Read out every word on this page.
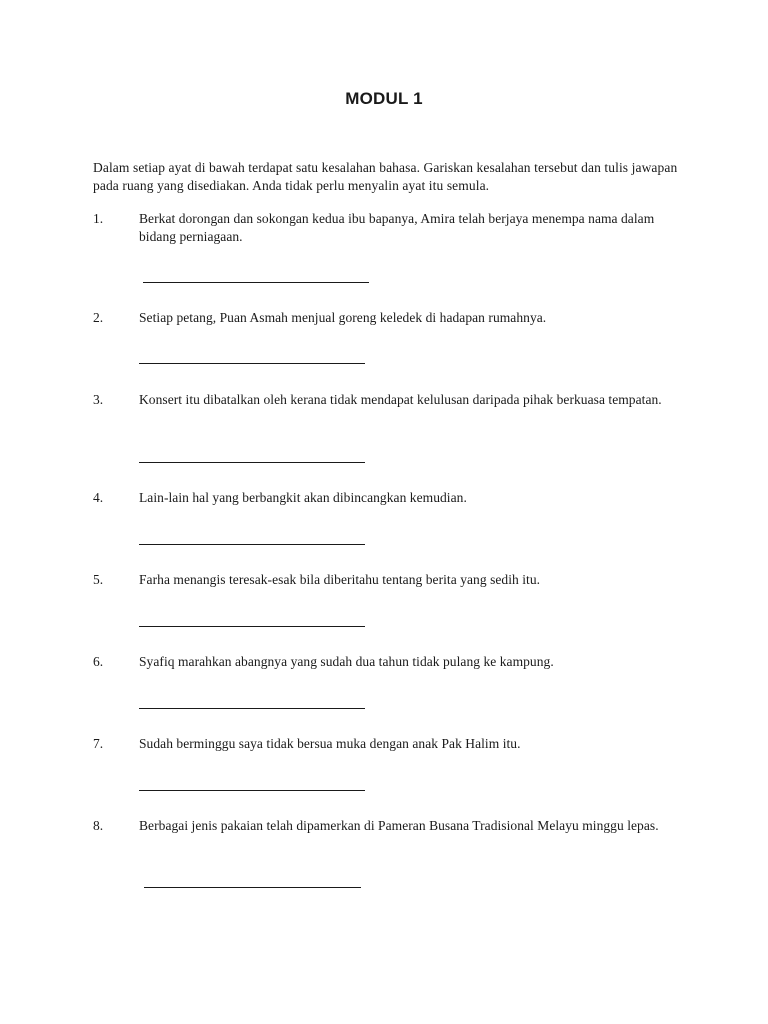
MODUL 1
Dalam setiap ayat di bawah terdapat satu kesalahan bahasa. Gariskan kesalahan tersebut dan tulis jawapan pada ruang yang disediakan. Anda tidak perlu menyalin ayat itu semula.
1.	Berkat dorongan dan sokongan kedua ibu bapanya, Amira telah berjaya menempa nama dalam bidang perniagaan.
2.	Setiap petang, Puan Asmah menjual goreng keledek di hadapan rumahnya.
3.	Konsert itu dibatalkan oleh kerana tidak mendapat kelulusan daripada pihak berkuasa tempatan.
4.	Lain-lain hal yang berbangkit akan dibincangkan kemudian.
5.	Farha menangis teresak-esak bila diberitahu tentang berita yang sedih itu.
6.	Syafiq marahkan abangnya yang sudah dua tahun tidak pulang ke kampung.
7.	Sudah berminggu saya tidak bersua muka dengan anak Pak Halim itu.
8.	Berbagai jenis pakaian telah dipamerkan di Pameran Busana Tradisional Melayu minggu lepas.
